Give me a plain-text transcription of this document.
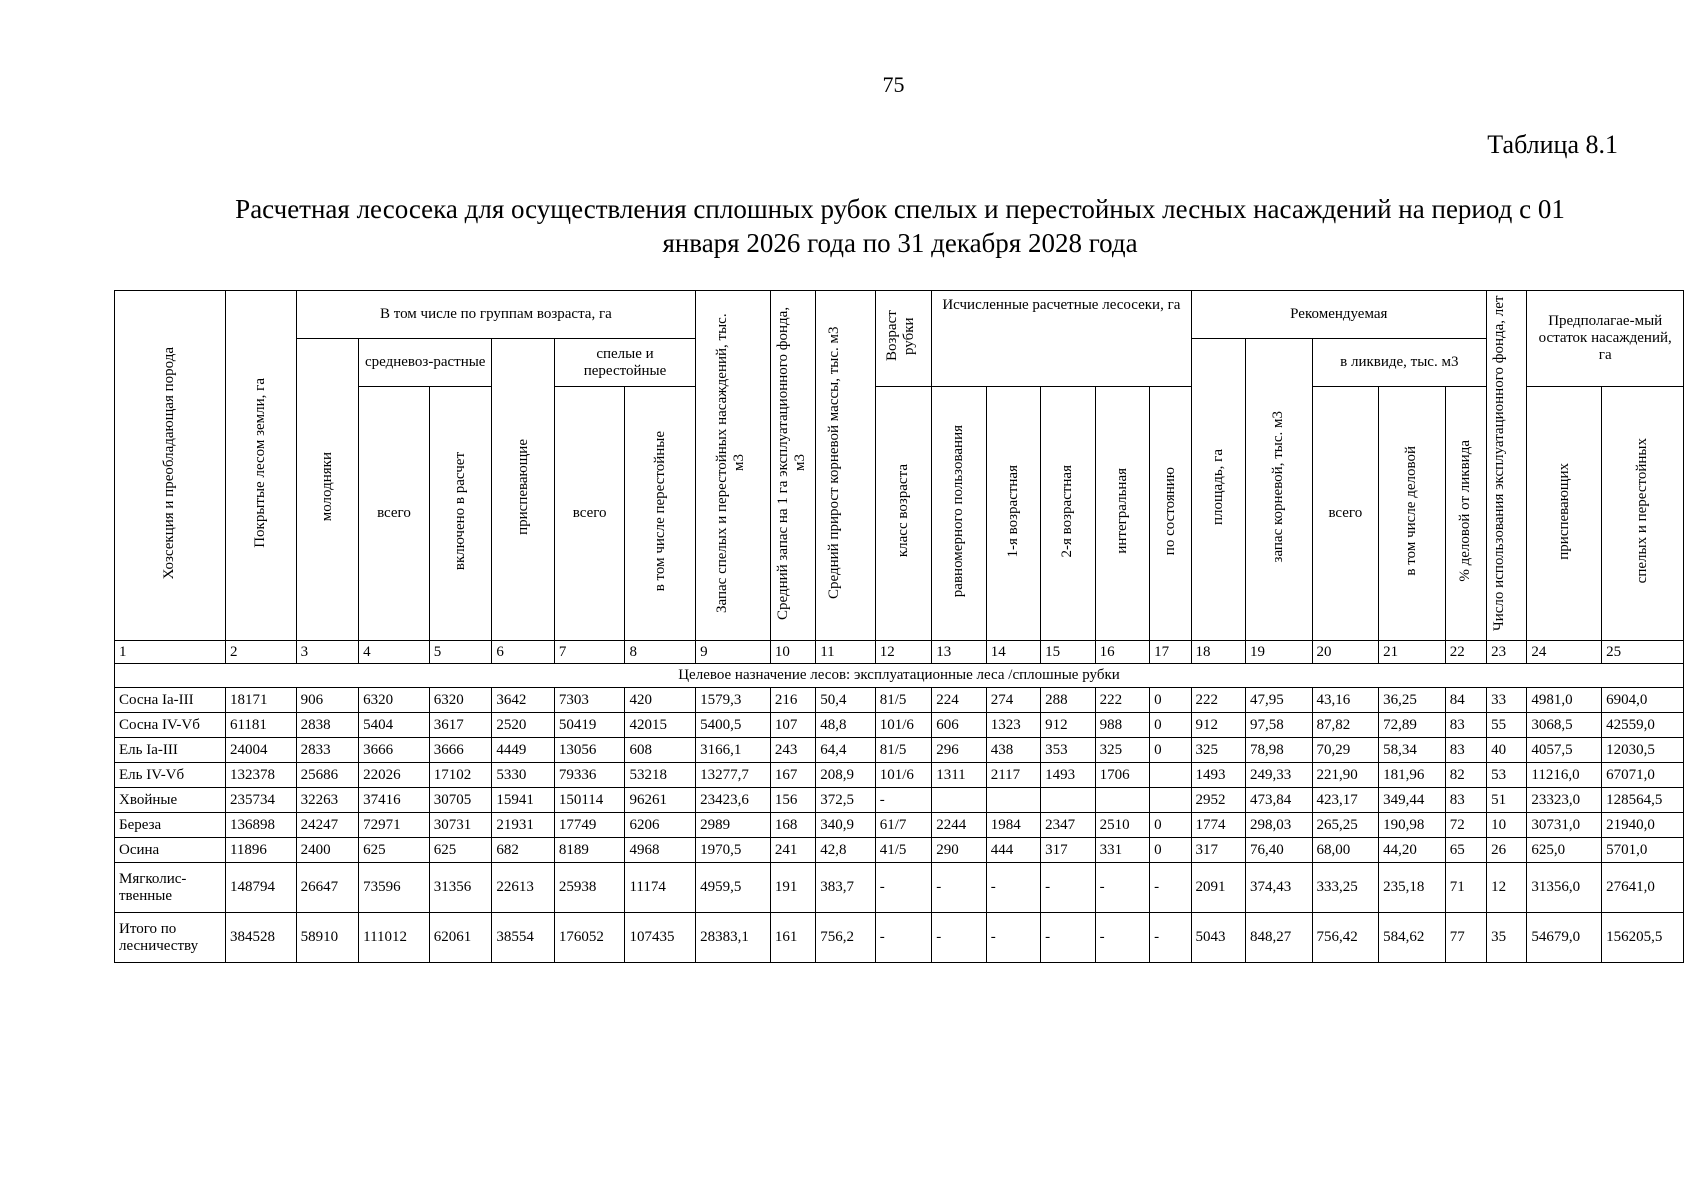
75
Таблица 8.1
Расчетная лесосека для осуществления сплошных рубок спелых и перестойных лесных насаждений на период с 01
января 2026 года по 31 декабря 2028 года
Хозсекция и преобладающая порода	Покрытые лесом земли, га	В том числе по группам возраста, га						Запас спелых и перестойных насаждений, тыс. м3	Средний запас на 1 га эксплуатационного фонда, м3	Средний прирост корневой массы, тыс. м3	Возраст рубки	Исчисленные расчетные лесосеки, га					Рекомендуемая					Число использования эксплуатационного фонда, лет	Предполагае-мый остаток насаждений, га	
		молодняки	средневоз-растные		приспевающие	спелые и перестойные											площадь, га	запас корневой, тыс. м3	в ликвиде, тыс. м3					
			всего	включено в расчет		всего	в том числе перестойные				класс возраста	равномерного пользования	1-я возрастная	2-я возрастная	интегральная	по состоянию			всего	в том числе деловой	% деловой от ликвида		приспевающих	спелых и перестойных
1	2	3	4	5	6	7	8	9	10	11	12	13	14	15	16	17	18	19	20	21	22	23	24	25
Целевое назначение лесов: эксплуатационные леса /сплошные рубки																								
Сосна Ia-III	18171	906	6320	6320	3642	7303	420	1579,3	216	50,4	81/5	224	274	288	222	0	222	47,95	43,16	36,25	84	33	4981,0	6904,0
Сосна IV-Vб	61181	2838	5404	3617	2520	50419	42015	5400,5	107	48,8	101/6	606	1323	912	988	0	912	97,58	87,82	72,89	83	55	3068,5	42559,0
Ель Ia-III	24004	2833	3666	3666	4449	13056	608	3166,1	243	64,4	81/5	296	438	353	325	0	325	78,98	70,29	58,34	83	40	4057,5	12030,5
Ель IV-Vб	132378	25686	22026	17102	5330	79336	53218	13277,7	167	208,9	101/6	1311	2117	1493	1706		1493	249,33	221,90	181,96	82	53	11216,0	67071,0
Хвойные	235734	32263	37416	30705	15941	150114	96261	23423,6	156	372,5	-						2952	473,84	423,17	349,44	83	51	23323,0	128564,5
Береза	136898	24247	72971	30731	21931	17749	6206	2989	168	340,9	61/7	2244	1984	2347	2510	0	1774	298,03	265,25	190,98	72	10	30731,0	21940,0
Осина	11896	2400	625	625	682	8189	4968	1970,5	241	42,8	41/5	290	444	317	331	0	317	76,40	68,00	44,20	65	26	625,0	5701,0
Мягколис-твенные	148794	26647	73596	31356	22613	25938	11174	4959,5	191	383,7	-	-	-	-	-	-	2091	374,43	333,25	235,18	71	12	31356,0	27641,0
Итого по лесничеству	384528	58910	111012	62061	38554	176052	107435	28383,1	161	756,2	-	-	-	-	-	-	5043	848,27	756,42	584,62	77	35	54679,0	156205,5
